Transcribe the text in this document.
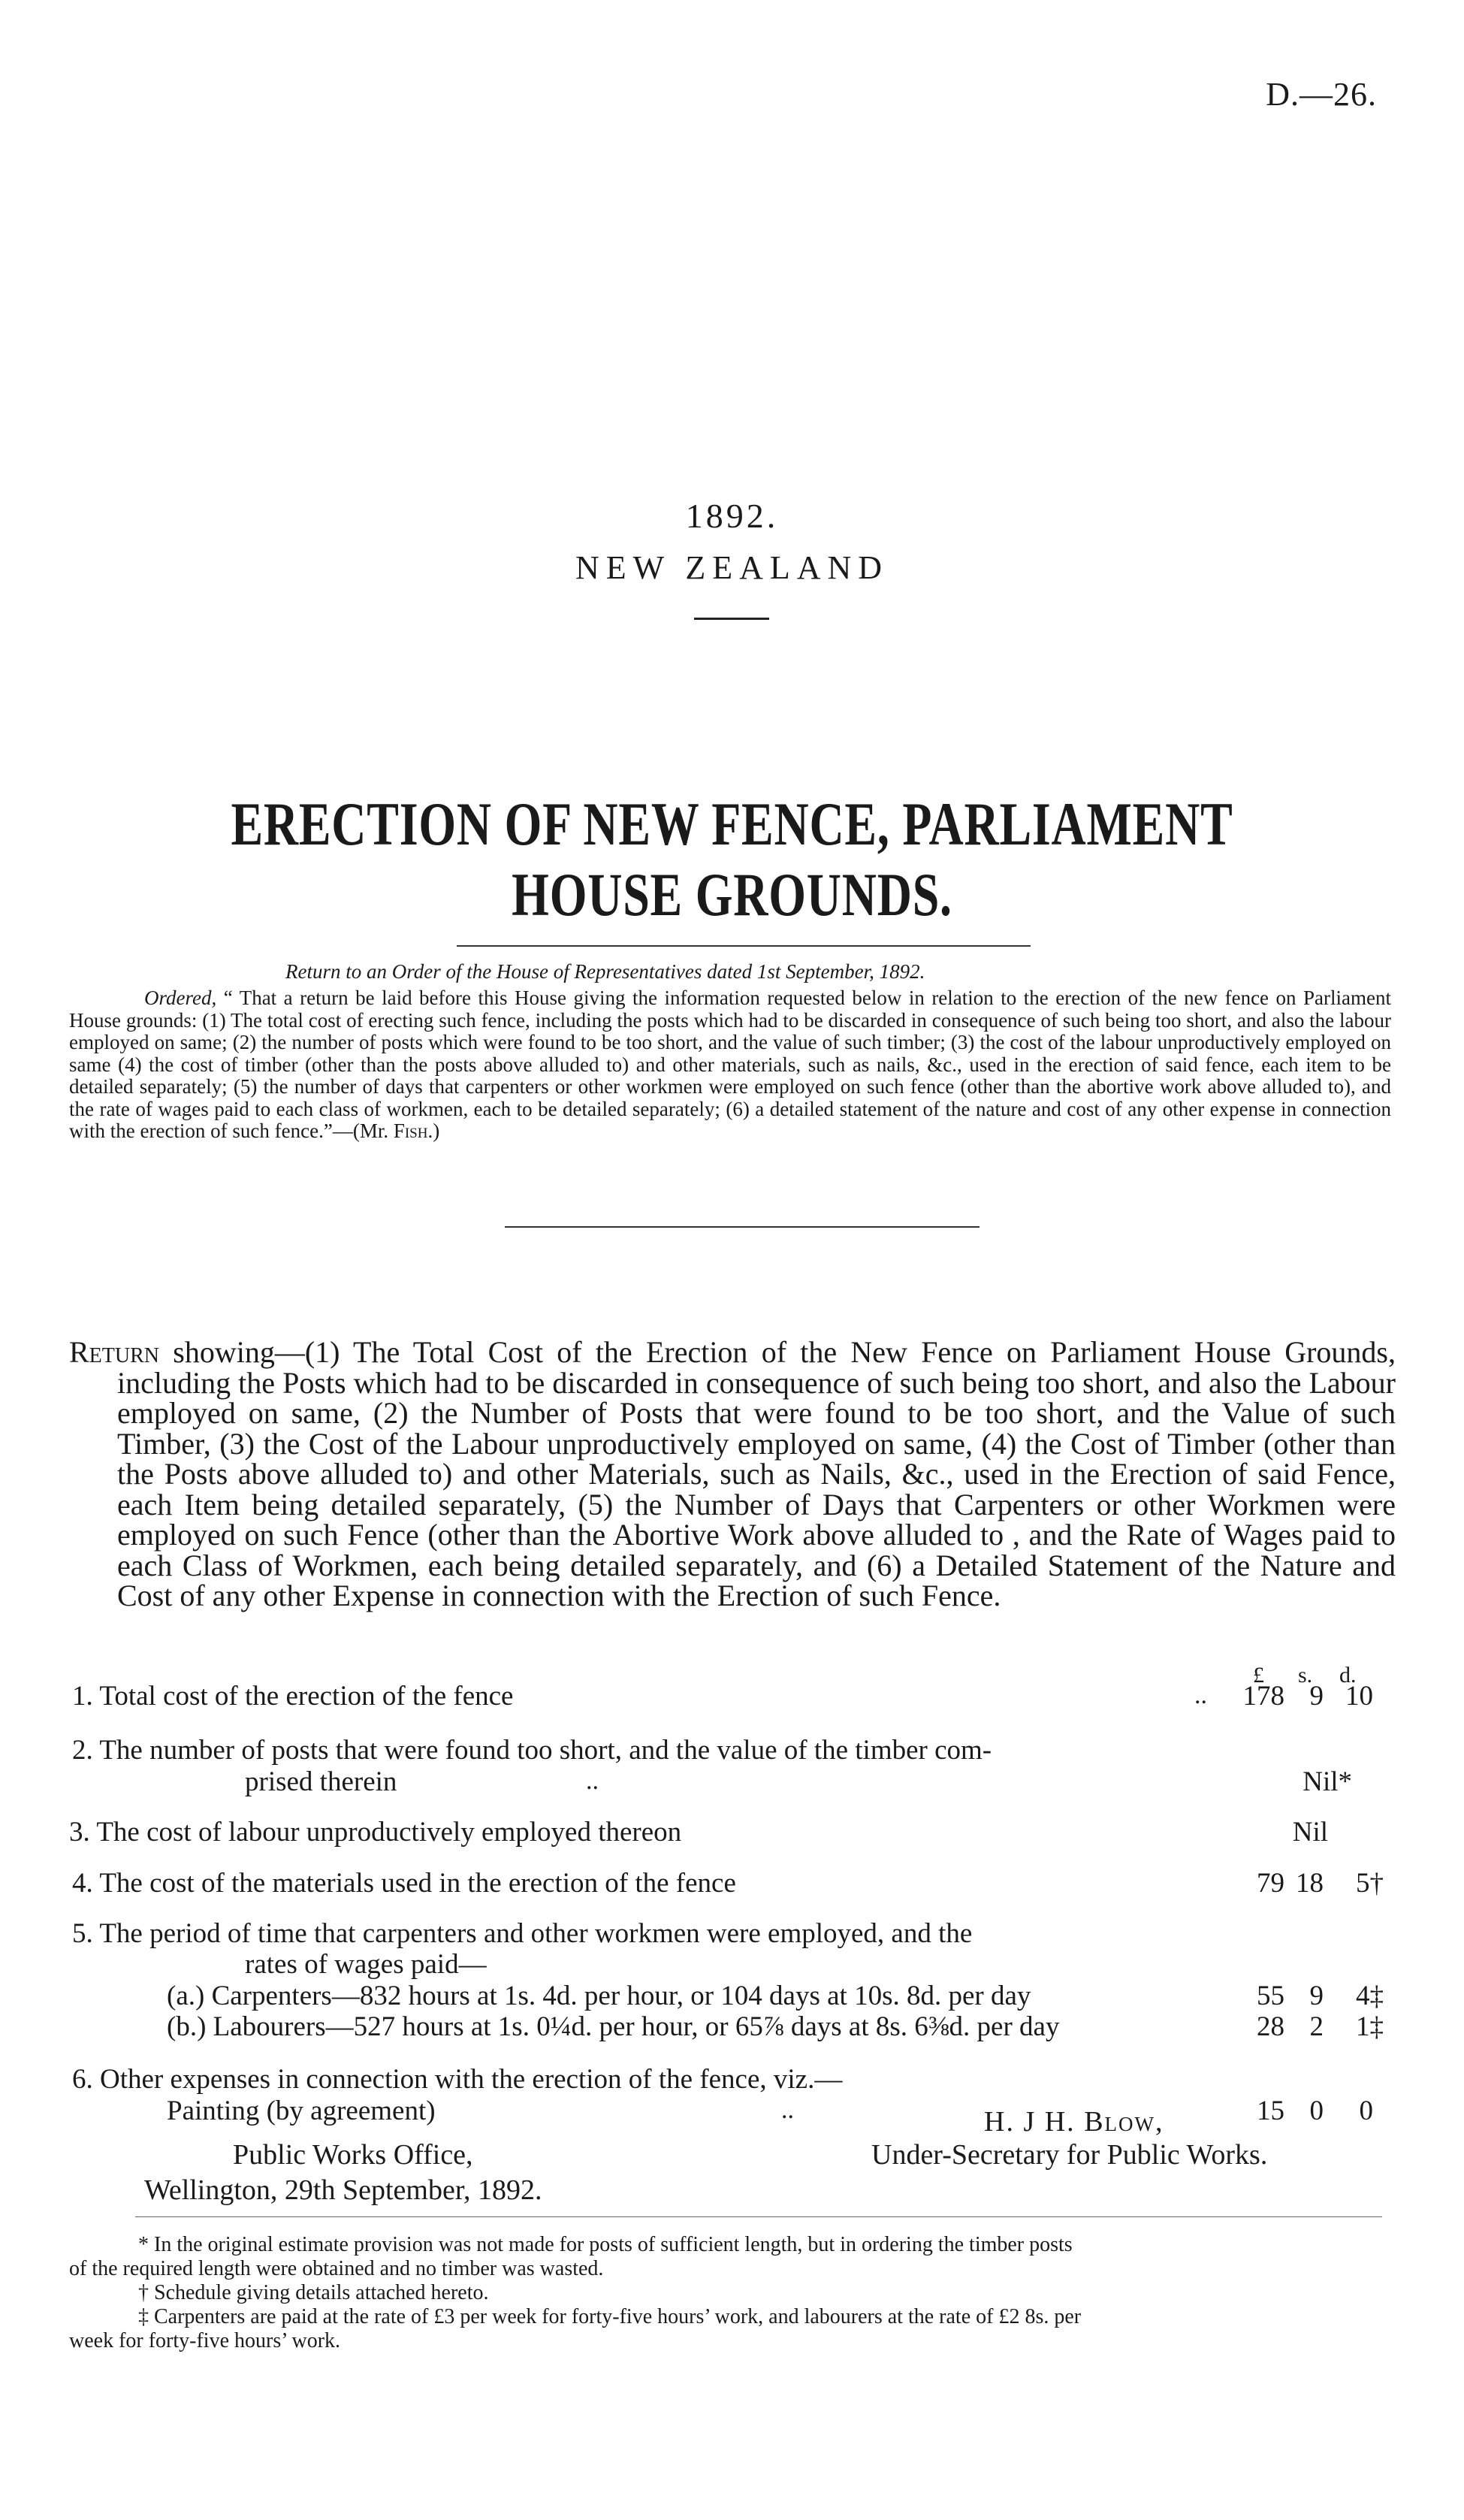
D.—26.
1892.
NEW ZEALAND
ERECTION OF NEW FENCE, PARLIAMENT HOUSE GROUNDS.
Return to an Order of the House of Representatives dated 1st September, 1892.
Ordered, “ That a return be laid before this House giving the information requested below in relation to the erection of the new fence on Parliament House grounds: (1) The total cost of erecting such fence, including the posts which had to be discarded in consequence of such being too short, and also the labour employed on same; (2) the number of posts which were found to be too short, and the value of such timber; (3) the cost of the labour unproductively employed on same (4) the cost of timber (other than the posts above alluded to) and other materials, such as nails, &c., used in the erection of said fence, each item to be detailed separately; (5) the number of days that carpenters or other workmen were employed on such fence (other than the abortive work above alluded to), and the rate of wages paid to each class of workmen, each to be detailed separately; (6) a detailed statement of the nature and cost of any other expense in connection with the erection of such fence.”—(Mr. Fish.)
Return showing—(1) The Total Cost of the Erection of the New Fence on Parliament House Grounds, including the Posts which had to be discarded in consequence of such being too short, and also the Labour employed on same, (2) the Number of Posts that were found to be too short, and the Value of such Timber, (3) the Cost of the Labour unproductively employed on same, (4) the Cost of Timber (other than the Posts above alluded to) and other Materials, such as Nails, &c., used in the Erection of said Fence, each Item being detailed separately, (5) the Number of Days that Carpenters or other Workmen were employed on such Fence (other than the Abortive Work above alluded to , and the Rate of Wages paid to each Class of Workmen, each being detailed separately, and (6) a Detailed Statement of the Nature and Cost of any other Expense in connection with the Erection of such Fence.
£ s. d.
1. Total cost of the erection of the fence	..	178 9 10
2. The number of posts that were found too short, and the value of the timber com-
prised therein	..	Nil*
3. The cost of labour unproductively employed thereon	Nil
4. The cost of the materials used in the erection of the fence	79 18	5†
5. The period of time that carpenters and other workmen were employed, and the
rates of wages paid—
(a.) Carpenters—832 hours at 1s. 4d. per hour, or 104 days at 10s. 8d. per day	55 9	4‡
(b.) Labourers—527 hours at 1s. 0¼d. per hour, or 65⅞ days at 8s. 6⅜d. per day	28 2	1‡
6. Other expenses in connection with the erection of the fence, viz.—
Painting (by agreement)	..	15 0	0
H. J H. Blow,
Under-Secretary for Public Works.
Public Works Office,
Wellington, 29th September, 1892.
* In the original estimate provision was not made for posts of sufficient length, but in ordering the timber posts
of the required length were obtained and no timber was wasted.
† Schedule giving details attached hereto.
‡ Carpenters are paid at the rate of £3 per week for forty-five hours’ work, and labourers at the rate of £2 8s. per
week for forty-five hours’ work.
